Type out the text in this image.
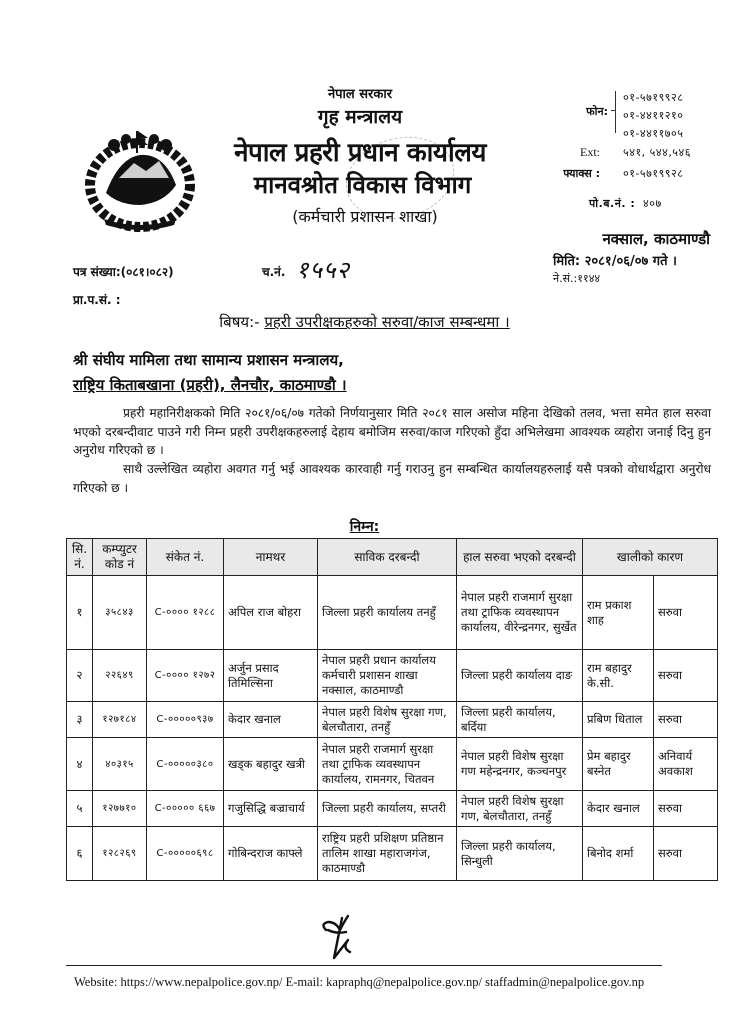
नेपाल सरकार
गृह मन्त्रालय
नेपाल प्रहरी प्रधान कार्यालय
मानवश्रोत विकास विभाग
(कर्मचारी प्रशासन शाखा)
फोन:
०१-५७१९९२८
०१-४४११२१०
०१-४४११७०५
Ext: ५४१, ५४४,५४६
फ्याक्स : ०१-५७१९९२८
पो.ब.नं. : ४०७
नक्साल, काठमाण्डौ
मिति: २०८१/०६/०७ गते ।
ने.सं.:११४४
पत्र संख्या:(०८१।०८२)	च.नं. १५५२
प्रा.प.सं. :
बिषय:- प्रहरी उपरीक्षकहरुको सरुवा/काज सम्बन्धमा ।
श्री संघीय मामिला तथा सामान्य प्रशासन मन्त्रालय,
राष्ट्रिय किताबखाना (प्रहरी), लैनचौर, काठमाण्डौ ।

प्रहरी महानिरीक्षकको मिति २०८१/०६/०७ गतेको निर्णयानुसार मिति २०८१ साल असोज महिना देखिको तलव, भत्ता समेत हाल सरुवा भएको दरबन्दीवाट पाउने गरी निम्न प्रहरी उपरीक्षकहरुलाई देहाय बमोजिम सरुवा/काज गरिएको हुँदा अभिलेखमा आवश्यक व्यहोरा जनाई दिनु हुन अनुरोध गरिएको छ ।

साथै उल्लेखित व्यहोरा अवगत गर्नु भई आवश्यक कारवाही गर्नु गराउनु हुन सम्बन्धित कार्यालयहरुलाई यसै पत्रको वोधार्थद्वारा अनुरोध गरिएको छ ।

निम्न:
सि. नं.	कम्प्युटर कोड नं	संकेत नं.	नामथर	साविक दरबन्दी	हाल सरुवा भएको दरबन्दी	खालीको कारण	
१	३५८४३	C-०००० १२८८	अपिल राज बोहरा	जिल्ला प्रहरी कार्यालय तनहुँ	नेपाल प्रहरी राजमार्ग सुरक्षा तथा ट्राफिक व्यवस्थापन कार्यालय, वीरेन्द्रनगर, सुर्खेत	राम प्रकाश शाह	सरुवा
२	२२६४९	C-०००० १२७२	अर्जुन प्रसाद तिमिल्सिना	नेपाल प्रहरी प्रधान कार्यालय कर्मचारी प्रशासन शाखा नक्साल, काठमाण्डौ	जिल्ला प्रहरी कार्यालय दाङ	राम बहादुर के.सी.	सरुवा
३	१२७१८४	C-०००००९३७	केदार खनाल	नेपाल प्रहरी विशेष सुरक्षा गण, बेलचौतारा, तनहुँ	जिल्ला प्रहरी कार्यालय, बर्दिया	प्रबिण धिताल	सरुवा
४	४०३१५	C-०००००३८०	खड्क बहादुर खत्री	नेपाल प्रहरी राजमार्ग सुरक्षा तथा ट्राफिक व्यवस्थापन कार्यालय, रामनगर, चितवन	नेपाल प्रहरी विशेष सुरक्षा गण महेन्द्रनगर, कञ्चनपुर	प्रेम बहादुर बस्नेत	अनिवार्य अवकाश
५	१२७७१०	C-००००० ६६७	गजुसिद्धि बज्राचार्य	जिल्ला प्रहरी कार्यालय, सप्तरी	नेपाल प्रहरी विशेष सुरक्षा गण, बेलचौतारा, तनहुँ	केदार खनाल	सरुवा
६	१२८२६९	C-०००००६९८	गोबिन्दराज काफ्ले	राष्ट्रिय प्रहरी प्रशिक्षण प्रतिष्ठान तालिम शाखा महाराजगंज, काठमाण्डौ	जिल्ला प्रहरी कार्यालय, सिन्धुली	बिनोद शर्मा	सरुवा
Website: https://www.nepalpolice.gov.np/ E-mail: kapraphq@nepalpolice.gov.np/ staffadmin@nepalpolice.gov.np
